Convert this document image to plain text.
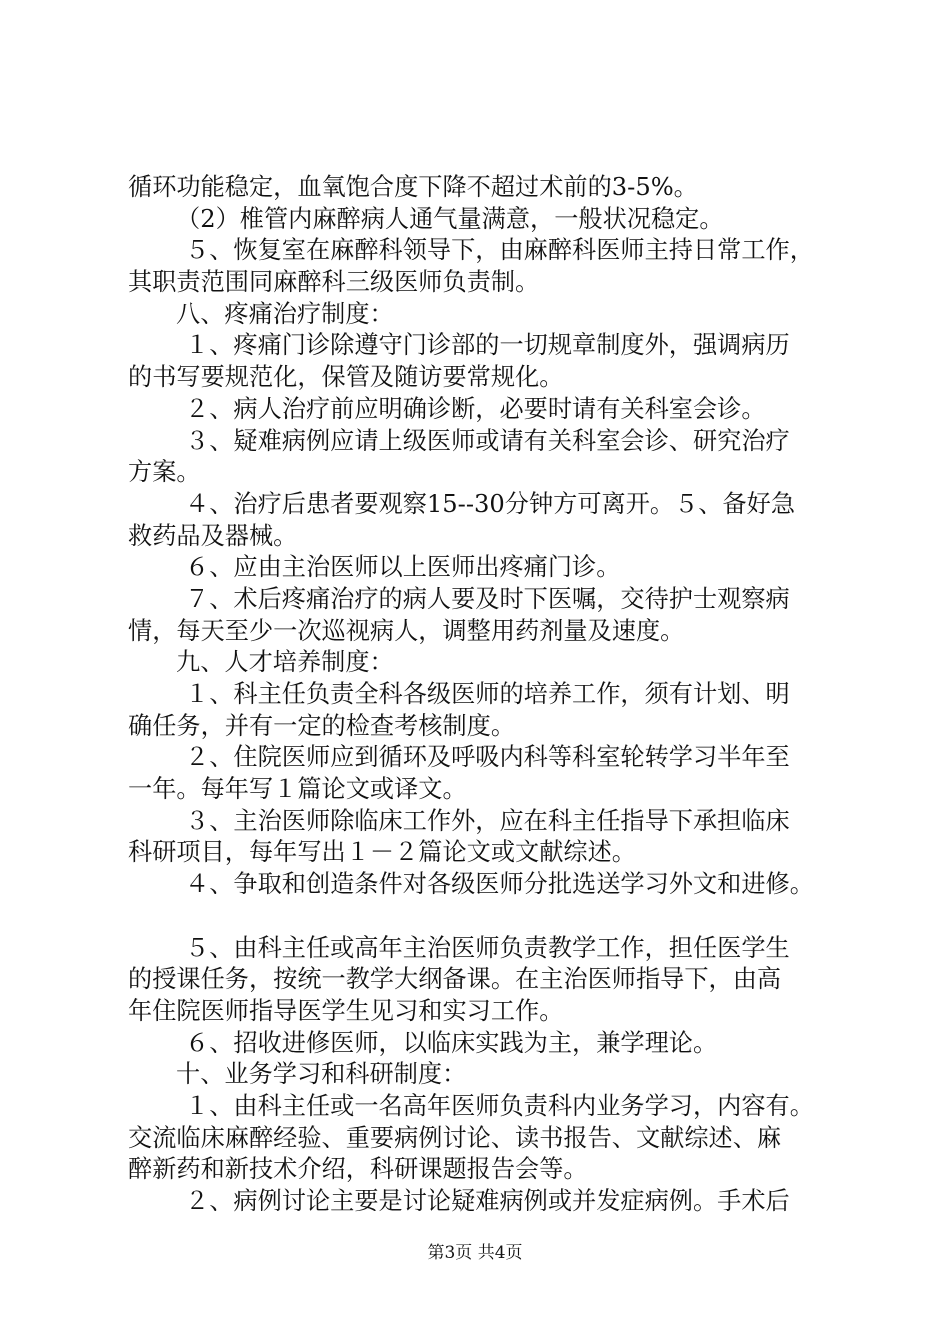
循环功能稳定，血氧饱合度下降不超过术前的3-5%。
（2）椎管内麻醉病人通气量满意，一般状况稳定。
５、恢复室在麻醉科领导下，由麻醉科医师主持日常工作，
其职责范围同麻醉科三级医师负责制。
八、疼痛治疗制度：
１、疼痛门诊除遵守门诊部的一切规章制度外，强调病历
的书写要规范化，保管及随访要常规化。
２、病人治疗前应明确诊断，必要时请有关科室会诊。
３、疑难病例应请上级医师或请有关科室会诊、研究治疗
方案。
４、治疗后患者要观察15--30分钟方可离开。５、备好急
救药品及器械。
６、应由主治医师以上医师出疼痛门诊。
７、术后疼痛治疗的病人要及时下医嘱，交待护士观察病
情，每天至少一次巡视病人，调整用药剂量及速度。
九、人才培养制度：
１、科主任负责全科各级医师的培养工作，须有计划、明
确任务，并有一定的检查考核制度。
２、住院医师应到循环及呼吸内科等科室轮转学习半年至
一年。每年写１篇论文或译文。
３、主治医师除临床工作外，应在科主任指导下承担临床
科研项目，每年写出１－２篇论文或文献综述。
４、争取和创造条件对各级医师分批选送学习外文和进修。
５、由科主任或高年主治医师负责教学工作，担任医学生
的授课任务，按统一教学大纲备课。在主治医师指导下，由高
年住院医师指导医学生见习和实习工作。
６、招收进修医师，以临床实践为主，兼学理论。
十、业务学习和科研制度：
１、由科主任或一名高年医师负责科内业务学习，内容有。
交流临床麻醉经验、重要病例讨论、读书报告、文献综述、麻
醉新药和新技术介绍，科研课题报告会等。
２、病例讨论主要是讨论疑难病例或并发症病例。手术后
第3页 共4页
